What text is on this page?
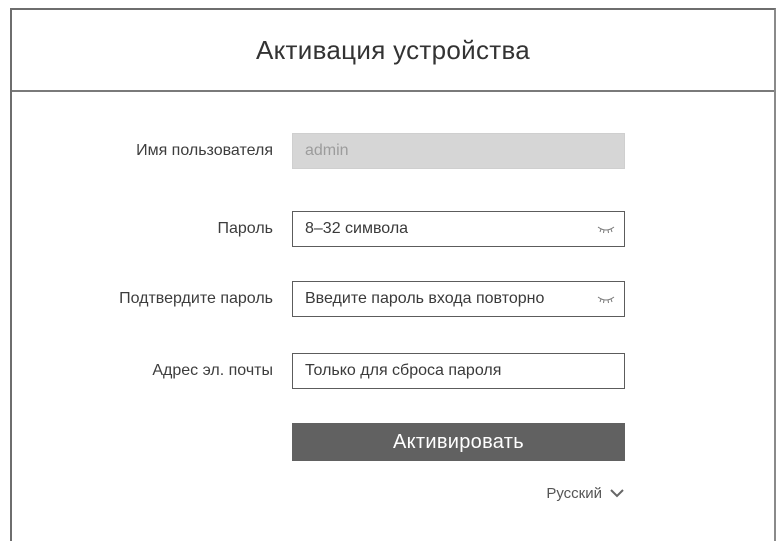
Активация устройства
Имя пользователя admin
Пароль 8–32 символа
Подтвердите пароль Введите пароль входа повторно
Адрес эл. почты Только для сброса пароля
Активировать
Русский
